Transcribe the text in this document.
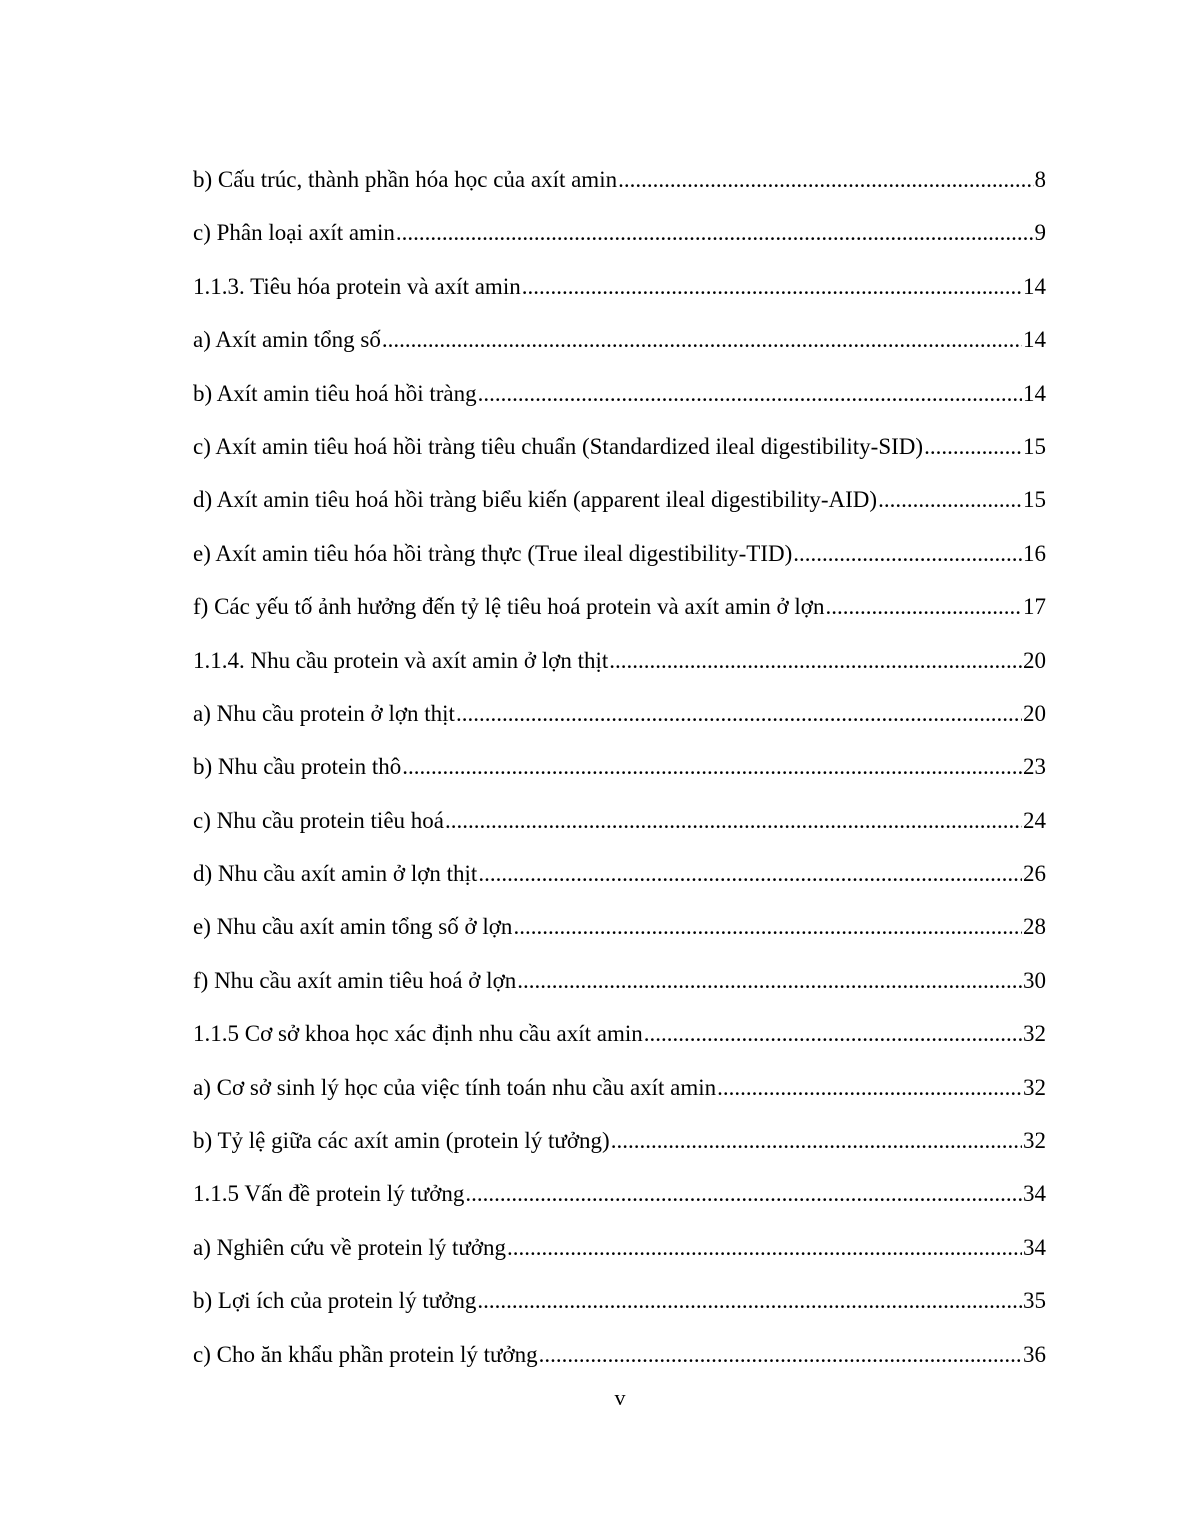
b) Cấu trúc, thành phần hóa học của axít amin .....	8
c) Phân loại axít amin .....	9
1.1.3. Tiêu hóa protein và axít amin .....	14
a) Axít amin tổng số .....	14
b) Axít amin tiêu hoá hồi tràng .....	14
c) Axít amin tiêu hoá hồi tràng tiêu chuẩn (Standardized ileal digestibility-SID) .....	15
d) Axít amin tiêu hoá hồi tràng biểu kiến (apparent ileal digestibility-AID) .....	15
e) Axít amin tiêu hóa hồi tràng thực (True ileal digestibility-TID) .....	16
f) Các yếu tố ảnh hưởng đến tỷ lệ tiêu hoá protein và axít amin ở lợn .....	17
1.1.4. Nhu cầu protein và axít amin ở lợn thịt .....	20
a) Nhu cầu protein ở lợn thịt .....	20
b) Nhu cầu protein thô .....	23
c) Nhu cầu protein tiêu hoá .....	24
d) Nhu cầu axít amin ở lợn thịt .....	26
e) Nhu cầu axít amin tổng số ở lợn .....	28
f) Nhu cầu axít amin tiêu hoá ở lợn .....	30
1.1.5 Cơ sở khoa học xác định nhu cầu axít amin .....	32
a) Cơ sở sinh lý học của việc tính toán nhu cầu axít amin .....	32
b) Tỷ lệ giữa các axít amin (protein lý tưởng) .....	32
1.1.5 Vấn đề protein lý tưởng .....	34
a) Nghiên cứu về protein lý tưởng .....	34
b) Lợi ích của protein lý tưởng .....	35
c) Cho ăn khẩu phần protein lý tưởng .....	36
v
